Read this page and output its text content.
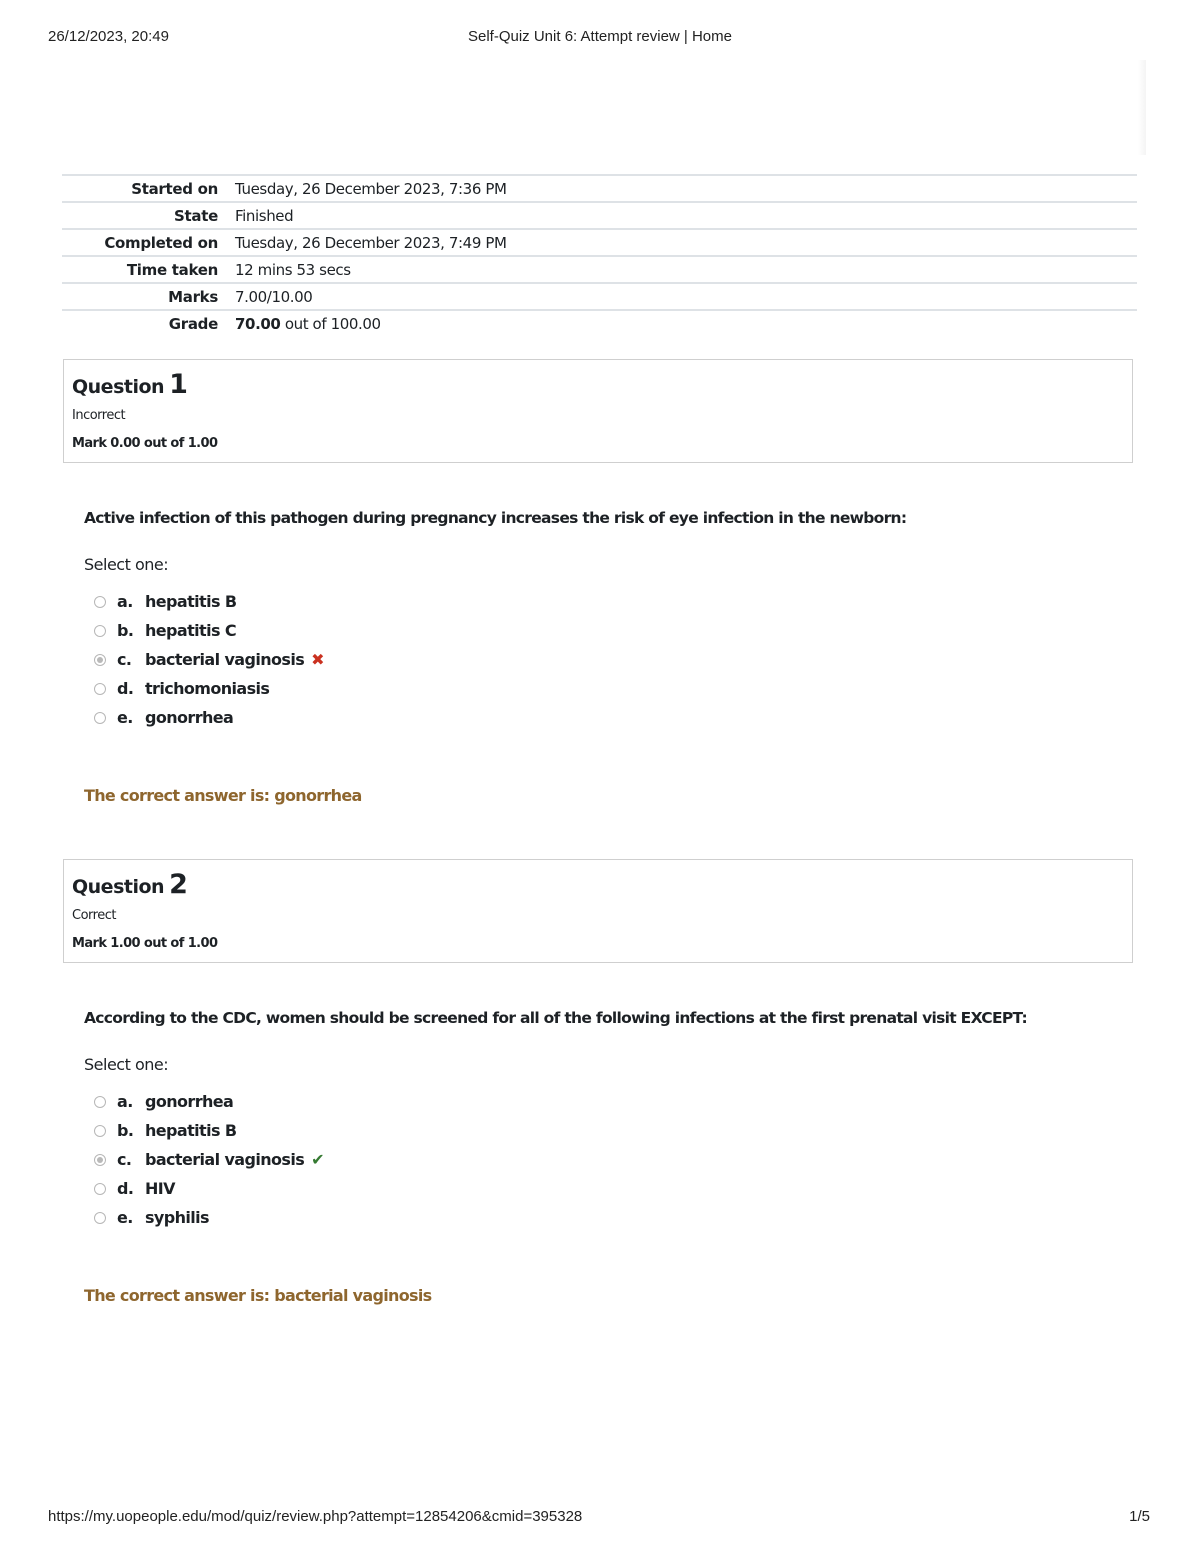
26/12/2023, 20:49	Self-Quiz Unit 6: Attempt review | Home
Started on	Tuesday, 26 December 2023, 7:36 PM
State	Finished
Completed on	Tuesday, 26 December 2023, 7:49 PM
Time taken	12 mins 53 secs
Marks	7.00/10.00
Grade	70.00 out of 100.00
Question 1
Incorrect
Mark 0.00 out of 1.00
Active infection of this pathogen during pregnancy increases the risk of eye infection in the newborn:
Select one:
a. hepatitis B
b. hepatitis C
c. bacterial vaginosis ✖
d. trichomoniasis
e. gonorrhea
The correct answer is: gonorrhea
Question 2
Correct
Mark 1.00 out of 1.00
According to the CDC, women should be screened for all of the following infections at the first prenatal visit EXCEPT:
Select one:
a. gonorrhea
b. hepatitis B
c. bacterial vaginosis ✔
d. HIV
e. syphilis
The correct answer is: bacterial vaginosis
https://my.uopeople.edu/mod/quiz/review.php?attempt=12854206&cmid=395328	1/5
